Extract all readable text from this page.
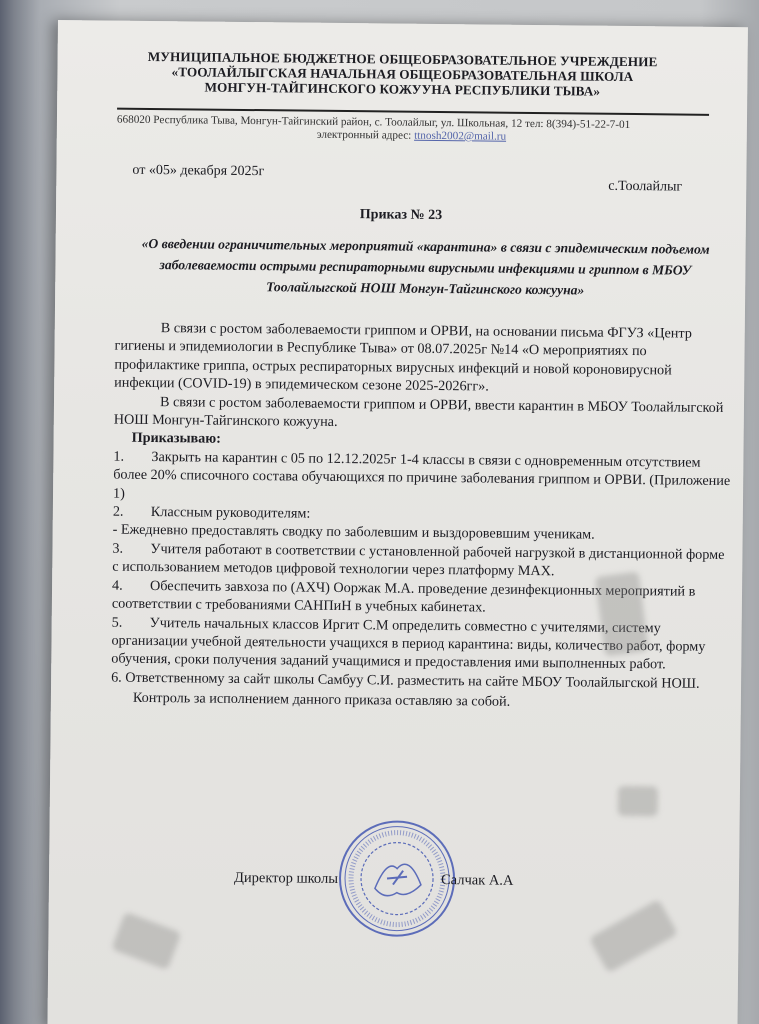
МУНИЦИПАЛЬНОЕ БЮДЖЕТНОЕ ОБЩЕОБРАЗОВАТЕЛЬНОЕ УЧРЕЖДЕНИЕ
«ТООЛАЙЛЫГСКАЯ НАЧАЛЬНАЯ ОБЩЕОБРАЗОВАТЕЛЬНАЯ ШКОЛА
МОНГУН-ТАЙГИНСКОГО КОЖУУНА РЕСПУБЛИКИ ТЫВА»
668020 Республика Тыва, Монгун-Тайгинский район, с. Тоолайлыг, ул. Школьная, 12 тел: 8(394)-51-22-7-01
электронный адрес: ttnosh2002@mail.ru
от «05» декабря 2025г
с.Тоолайлыг
Приказ № 23
«О введении ограничительных мероприятий «карантина» в связи с эпидемическим подъемом заболеваемости острыми респираторными вирусными инфекциями и гриппом в МБОУ Тоолайлыгской НОШ Монгун-Тайгинского кожууна»

В связи с ростом заболеваемости гриппом и ОРВИ, на основании письма ФГУЗ «Центр гигиены и эпидемиологии в Республике Тыва» от 08.07.2025г №14 «О мероприятиях по профилактике гриппа, острых респираторных вирусных инфекций и новой короновирусной инфекции (COVID-19) в эпидемическом сезоне 2025-2026гг».

В связи с ростом заболеваемости гриппом и ОРВИ, ввести карантин в МБОУ Тоолайлыгской НОШ Монгун-Тайгинского кожууна.

Приказываю:

1. Закрыть на карантин с 05 по 12.12.2025г 1-4 классы в связи с одновременным отсутствием более 20% списочного состава обучающихся по причине заболевания гриппом и ОРВИ. (Приложение 1)

2. Классным руководителям:

- Ежедневно предоставлять сводку по заболевшим и выздоровевшим ученикам.

3. Учителя работают в соответствии с установленной рабочей нагрузкой в дистанционной форме с использованием методов цифровой технологии через платформу MAX.

4. Обеспечить завхоза по (АХЧ) Ооржак М.А. проведение дезинфекционных мероприятий в соответствии с требованиями САНПиН в учебных кабинетах.

5. Учитель начальных классов Иргит С.М определить совместно с учителями, систему организации учебной деятельности учащихся в период карантина: виды, количество работ, форму обучения, сроки получения заданий учащимися и предоставления ими выполненных работ.

6. Ответственному за сайт школы Самбуу С.И. разместить на сайте МБОУ Тоолайлыгской НОШ.

Контроль за исполнением данного приказа оставляю за собой.

Директор школы	Салчак А.А
